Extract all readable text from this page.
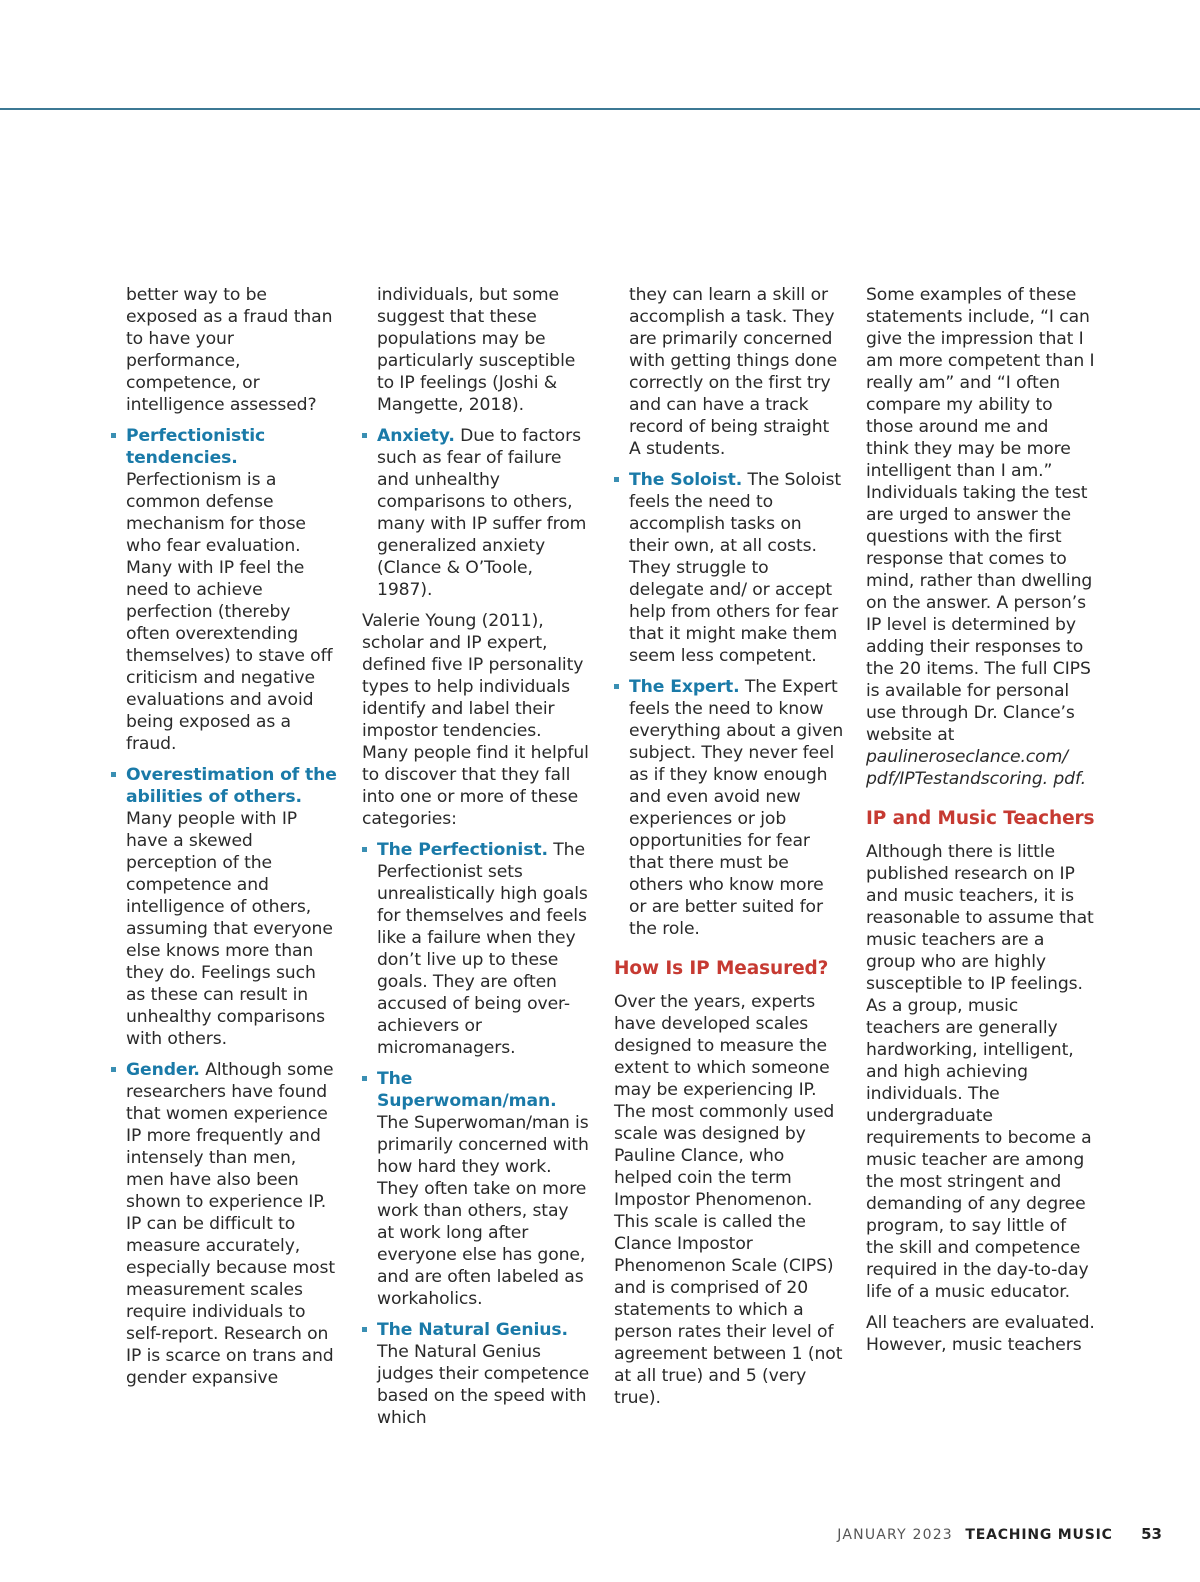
better way to be exposed as a fraud than to have your performance, competence, or intelligence assessed?

Perfectionistic tendencies. Perfectionism is a common defense mechanism for those who fear evaluation. Many with IP feel the need to achieve perfection (thereby often overextending themselves) to stave off criticism and negative evaluations and avoid being exposed as a fraud.
Overestimation of the abilities of others. Many people with IP have a skewed perception of the competence and intelligence of others, assuming that everyone else knows more than they do. Feelings such as these can result in unhealthy comparisons with others.
Gender. Although some researchers have found that women experience IP more frequently and intensely than men, men have also been shown to experience IP. IP can be difficult to measure accurately, especially because most measurement scales require individuals to self-report. Research on IP is scarce on trans and gender expansive

individuals, but some suggest that these populations may be particularly susceptible to IP feelings (Joshi & Mangette, 2018).

Anxiety. Due to factors such as fear of failure and unhealthy comparisons to others, many with IP suffer from generalized anxiety (Clance & O’Toole, 1987).

Valerie Young (2011), scholar and IP expert, defined five IP personality types to help individuals identify and label their impostor tendencies. Many people find it helpful to discover that they fall into one or more of these categories:

The Perfectionist. The Perfectionist sets unrealistically high goals for themselves and feels like a failure when they don’t live up to these goals. They are often accused of being over-achievers or micromanagers.
The Superwoman/man. The Superwoman/man is primarily concerned with how hard they work. They often take on more work than others, stay at work long after everyone else has gone, and are often labeled as workaholics.
The Natural Genius. The Natural Genius judges their competence based on the speed with which

they can learn a skill or accomplish a task. They are primarily concerned with getting things done correctly on the first try and can have a track record of being straight A students.

The Soloist. The Soloist feels the need to accomplish tasks on their own, at all costs. They struggle to delegate and/ or accept help from others for fear that it might make them seem less competent.
The Expert. The Expert feels the need to know everything about a given subject. They never feel as if they know enough and even avoid new experiences or job opportunities for fear that there must be others who know more or are better suited for the role.
How Is IP Measured?

Over the years, experts have developed scales designed to measure the extent to which someone may be experiencing IP. The most commonly used scale was designed by Pauline Clance, who helped coin the term Impostor Phenomenon. This scale is called the Clance Impostor Phenomenon Scale (CIPS) and is comprised of 20 statements to which a person rates their level of agreement between 1 (not at all true) and 5 (very true).

Some examples of these statements include, “I can give the impression that I am more competent than I really am” and “I often compare my ability to those around me and think they may be more intelligent than I am.” Individuals taking the test are urged to answer the questions with the first response that comes to mind, rather than dwelling on the answer. A person’s IP level is determined by adding their responses to the 20 items. The full CIPS is available for personal use through Dr. Clance’s website at paulineroseclance.com/ pdf/IPTestandscoring. pdf.

IP and Music Teachers

Although there is little published research on IP and music teachers, it is reasonable to assume that music teachers are a group who are highly susceptible to IP feelings. As a group, music teachers are generally hardworking, intelligent, and high achieving individuals. The undergraduate requirements to become a music teacher are among the most stringent and demanding of any degree program, to say little of the skill and competence required in the day-to-day life of a music educator.

All teachers are evaluated. However, music teachers

JANUARY 2023 TEACHING MUSIC 53
